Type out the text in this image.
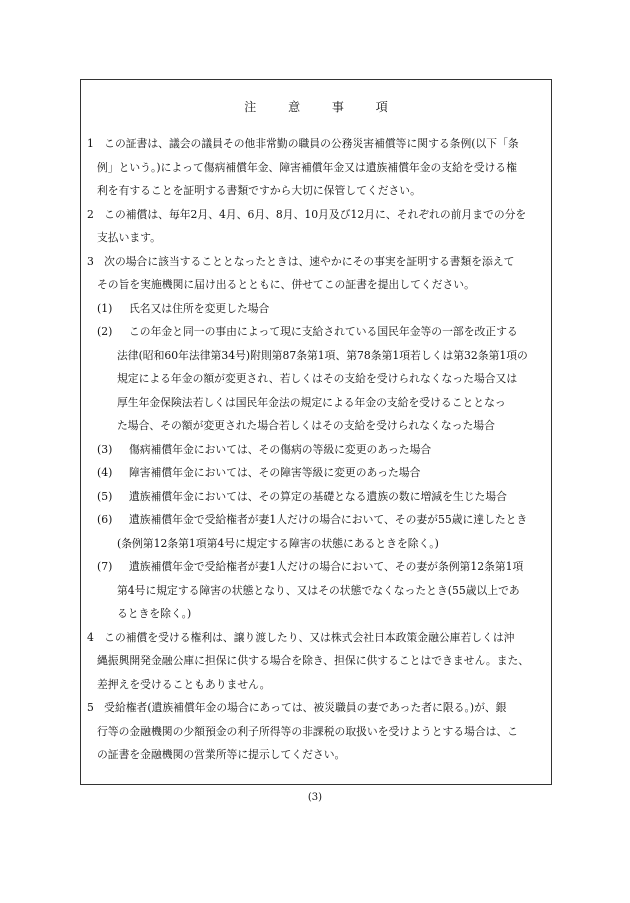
注	意	事	項
1 この証書は、議会の議員その他非常勤の職員の公務災害補償等に関する条例(以下「条
例」という。)によって傷病補償年金、障害補償年金又は遺族補償年金の支給を受ける権
利を有することを証明する書類ですから大切に保管してください。
2 この補償は、毎年2月、4月、6月、8月、10月及び12月に、それぞれの前月までの分を
支払います。
3 次の場合に該当することとなったときは、速やかにその事実を証明する書類を添えて
その旨を実施機関に届け出るとともに、併せてこの証書を提出してください。
(1) 氏名又は住所を変更した場合
(2) この年金と同一の事由によって現に支給されている国民年金等の一部を改正する
法律(昭和60年法律第34号)附則第87条第1項、第78条第1項若しくは第32条第1項の
規定による年金の額が変更され、若しくはその支給を受けられなくなった場合又は
厚生年金保険法若しくは国民年金法の規定による年金の支給を受けることとなっ
た場合、その額が変更された場合若しくはその支給を受けられなくなった場合
(3) 傷病補償年金においては、その傷病の等級に変更のあった場合
(4) 障害補償年金においては、その障害等級に変更のあった場合
(5) 遺族補償年金においては、その算定の基礎となる遺族の数に増減を生じた場合
(6) 遺族補償年金で受給権者が妻1人だけの場合において、その妻が55歳に達したとき
(条例第12条第1項第4号に規定する障害の状態にあるときを除く。)
(7) 遺族補償年金で受給権者が妻1人だけの場合において、その妻が条例第12条第1項
第4号に規定する障害の状態となり、又はその状態でなくなったとき(55歳以上であ
るときを除く。)
4 この補償を受ける権利は、譲り渡したり、又は株式会社日本政策金融公庫若しくは沖
縄振興開発金融公庫に担保に供する場合を除き、担保に供することはできません。また、
差押えを受けることもありません。
5 受給権者(遺族補償年金の場合にあっては、被災職員の妻であった者に限る。)が、銀
行等の金融機関の少額預金の利子所得等の非課税の取扱いを受けようとする場合は、こ
の証書を金融機関の営業所等に提示してください。
(3)
